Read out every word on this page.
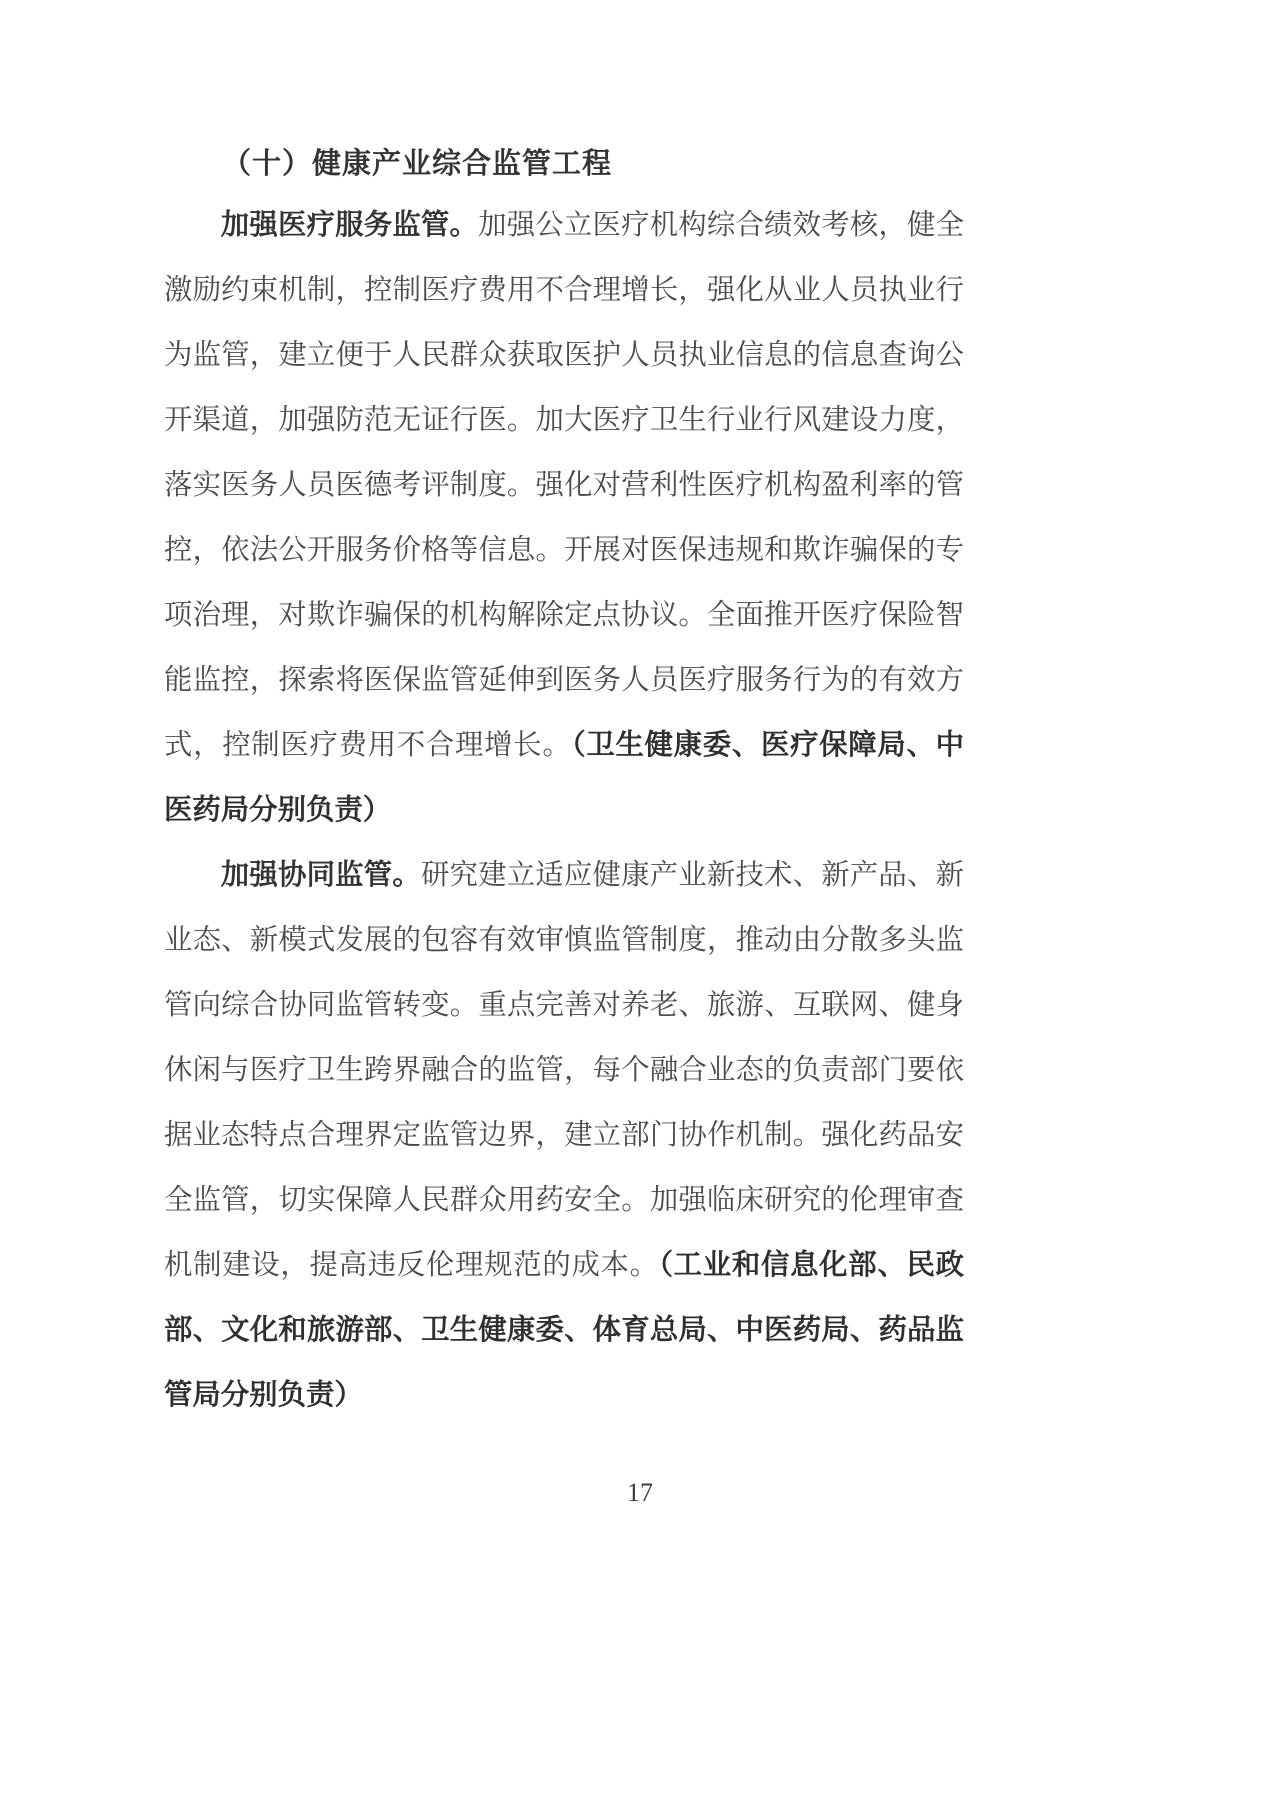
（十）健康产业综合监管工程

加强医疗服务监管。加强公立医疗机构综合绩效考核，健全激励约束机制，控制医疗费用不合理增长，强化从业人员执业行为监管，建立便于人民群众获取医护人员执业信息的信息查询公开渠道，加强防范无证行医。加大医疗卫生行业行风建设力度，落实医务人员医德考评制度。强化对营利性医疗机构盈利率的管控，依法公开服务价格等信息。开展对医保违规和欺诈骗保的专项治理，对欺诈骗保的机构解除定点协议。全面推开医疗保险智能监控，探索将医保监管延伸到医务人员医疗服务行为的有效方式，控制医疗费用不合理增长。（卫生健康委、医疗保障局、中医药局分别负责）

加强协同监管。研究建立适应健康产业新技术、新产品、新业态、新模式发展的包容有效审慎监管制度，推动由分散多头监管向综合协同监管转变。重点完善对养老、旅游、互联网、健身休闲与医疗卫生跨界融合的监管，每个融合业态的负责部门要依据业态特点合理界定监管边界，建立部门协作机制。强化药品安全监管，切实保障人民群众用药安全。加强临床研究的伦理审查机制建设，提高违反伦理规范的成本。（工业和信息化部、民政部、文化和旅游部、卫生健康委、体育总局、中医药局、药品监管局分别负责）

17
